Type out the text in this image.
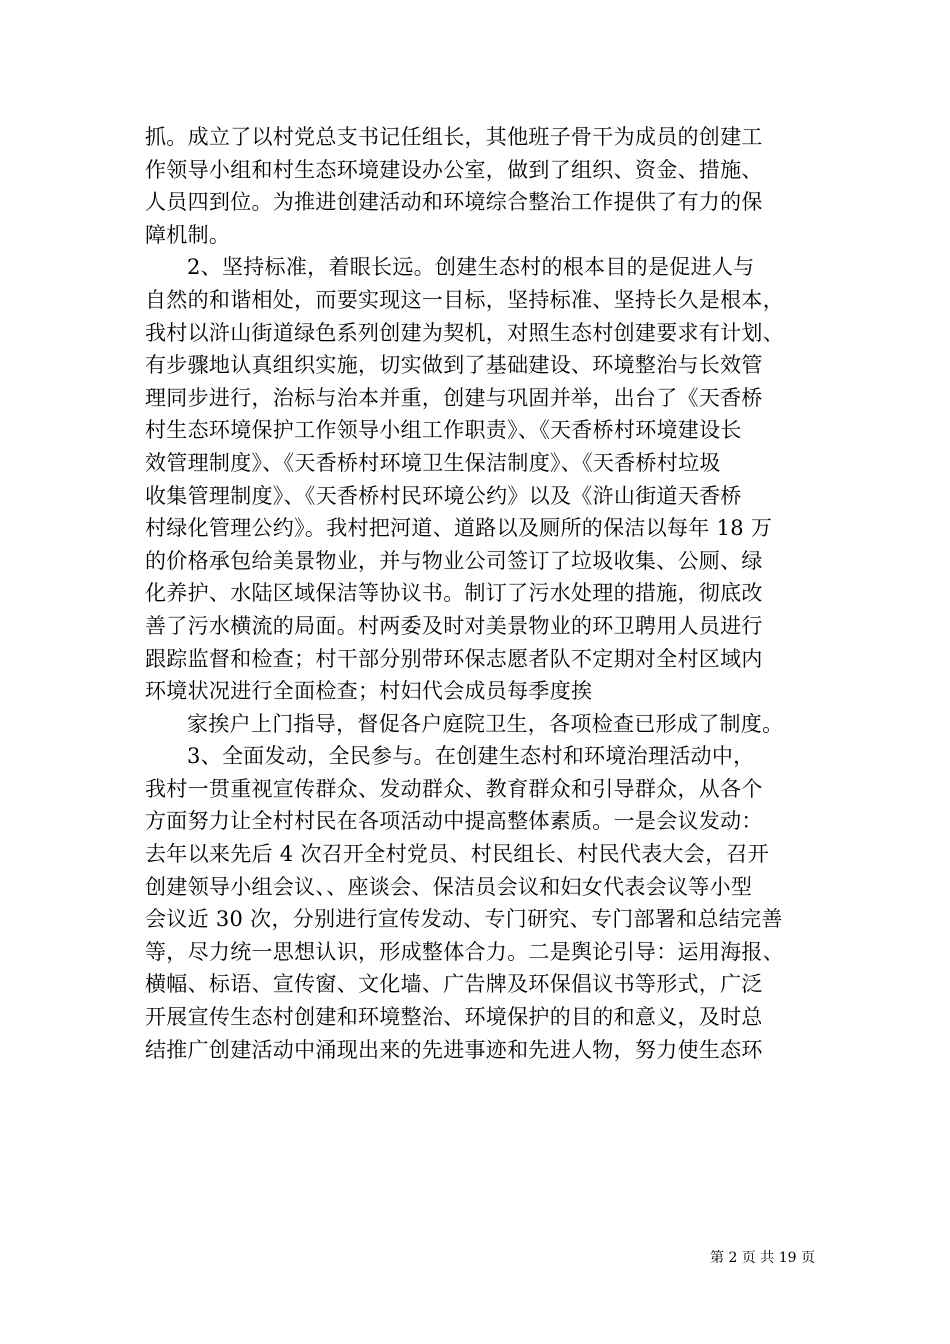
抓。成立了以村党总支书记任组长，其他班子骨干为成员的创建工
作领导小组和村生态环境建设办公室，做到了组织、资金、措施、
人员四到位。为推进创建活动和环境综合整治工作提供了有力的保
障机制。
2、坚持标准，着眼长远。创建生态村的根本目的是促进人与
自然的和谐相处，而要实现这一目标，坚持标准、坚持长久是根本，
我村以浒山街道绿色系列创建为契机，对照生态村创建要求有计划、
有步骤地认真组织实施，切实做到了基础建设、环境整治与长效管
理同步进行，治标与治本并重，创建与巩固并举，出台了《天香桥
村生态环境保护工作领导小组工作职责》、《天香桥村环境建设长
效管理制度》、《天香桥村环境卫生保洁制度》、《天香桥村垃圾
收集管理制度》、《天香桥村民环境公约》以及《浒山街道天香桥
村绿化管理公约》。我村把河道、道路以及厕所的保洁以每年 18 万
的价格承包给美景物业，并与物业公司签订了垃圾收集、公厕、绿
化养护、水陆区域保洁等协议书。制订了污水处理的措施，彻底改
善了污水横流的局面。村两委及时对美景物业的环卫聘用人员进行
跟踪监督和检查；村干部分别带环保志愿者队不定期对全村区域内
环境状况进行全面检查；村妇代会成员每季度挨
家挨户上门指导，督促各户庭院卫生，各项检查已形成了制度。
3、全面发动，全民参与。在创建生态村和环境治理活动中，
我村一贯重视宣传群众、发动群众、教育群众和引导群众，从各个
方面努力让全村村民在各项活动中提高整体素质。一是会议发动：
去年以来先后 4 次召开全村党员、村民组长、村民代表大会，召开
创建领导小组会议、、座谈会、保洁员会议和妇女代表会议等小型
会议近 30 次，分别进行宣传发动、专门研究、专门部署和总结完善
等，尽力统一思想认识，形成整体合力。二是舆论引导：运用海报、
横幅、标语、宣传窗、文化墙、广告牌及环保倡议书等形式，广泛
开展宣传生态村创建和环境整治、环境保护的目的和意义，及时总
结推广创建活动中涌现出来的先进事迹和先进人物，努力使生态环
第 2 页 共 19 页
